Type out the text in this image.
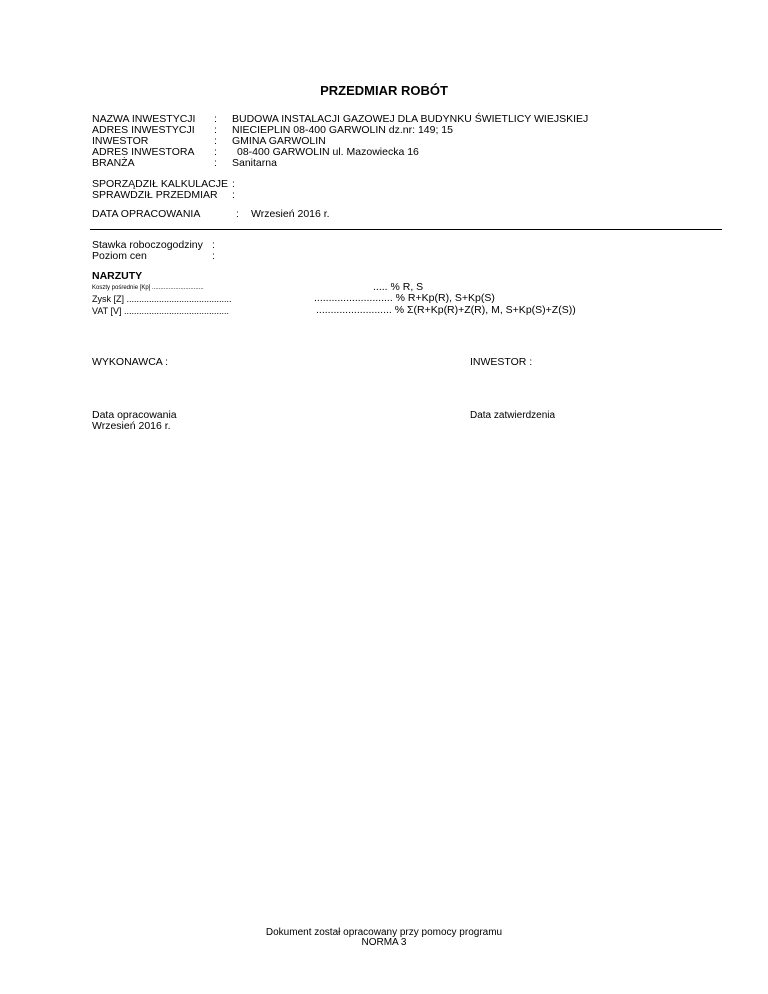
PRZEDMIAR ROBÓT
NAZWA INWESTYCJI : BUDOWA INSTALACJI GAZOWEJ DLA BUDYNKU ŚWIETLICY WIEJSKIEJ
ADRES INWESTYCJI : NIECIEPLIN 08-400 GARWOLIN dz.nr: 149; 15
INWESTOR	: GMINA GARWOLIN
ADRES INWESTORA : 08-400 GARWOLIN ul. Mazowiecka 16
BRANŻA	: Sanitarna
SPORZĄDZIŁ KALKULACJE :
SPRAWDZIŁ PRZEDMIAR :
DATA OPRACOWANIA	: Wrzesień 2016 r.
Stawka roboczogodziny :
Poziom cen	:
NARZUTY
Koszty pośrednie [Kp] ...............................	..... % R, S
Zysk [Z] ..........................................	........................... % R+Kp(R), S+Kp(S)
VAT [V] ..........................................	.......................... % Σ(R+Kp(R)+Z(R), M, S+Kp(S)+Z(S))
WYKONAWCA :	INWESTOR :
Data opracowania
Wrzesień 2016 r.
Data zatwierdzenia
Dokument został opracowany przy pomocy programu
NORMA 3
